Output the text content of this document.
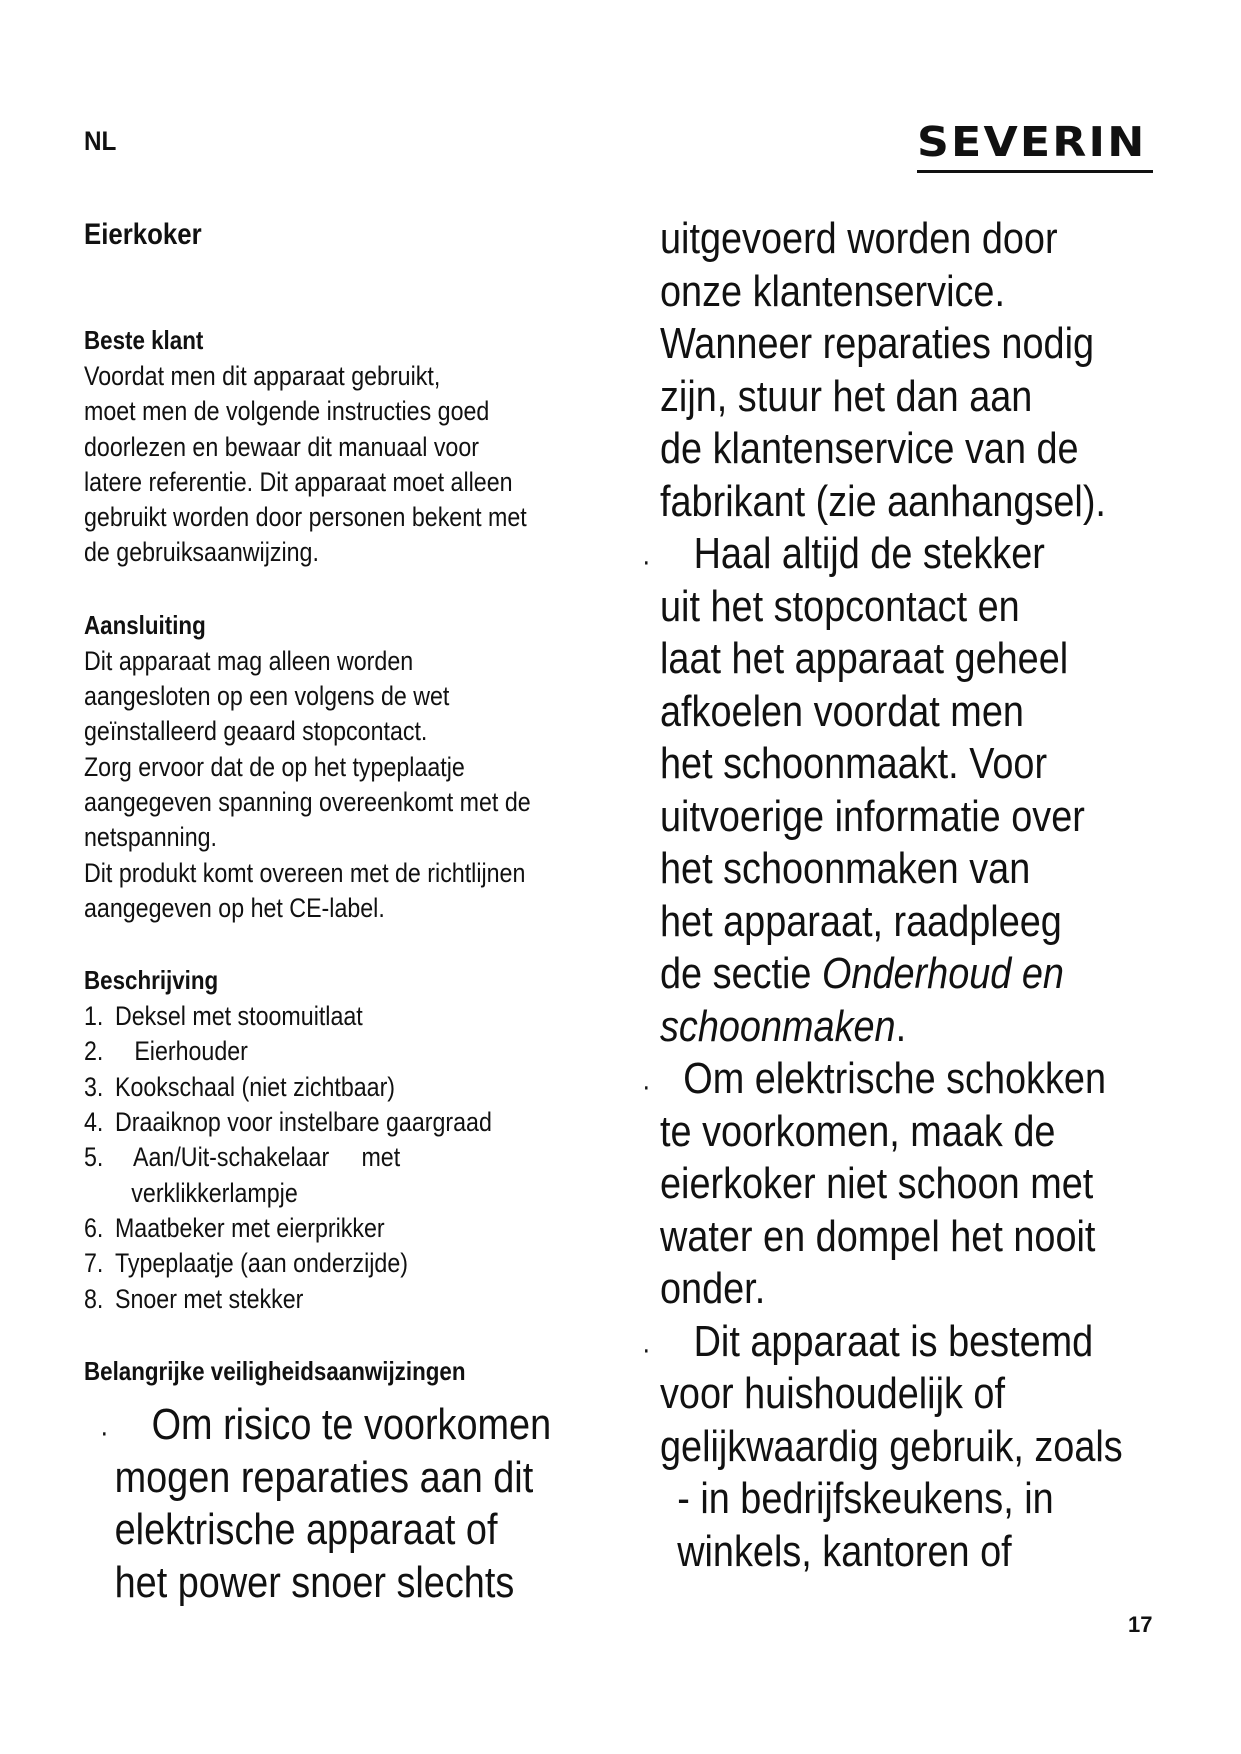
NL	SEVERIN

Eierkoker

Beste klant

Voordat men dit apparaat gebruikt,

moet men de volgende instructies goed

doorlezen en bewaar dit manuaal voor

latere referentie. Dit apparaat moet alleen

gebruikt worden door personen bekent met

de gebruiksaanwijzing.

Aansluiting

Dit apparaat mag alleen worden

aangesloten op een volgens de wet

geïnstalleerd geaard stopcontact.

Zorg ervoor dat de op het typeplaatje

aangegeven spanning overeenkomt met de

netspanning.

Dit produkt komt overeen met de richtlijnen

aangegeven op het CE-label.

Beschrijving

1. Deksel met stoomuitlaat
2.   Eierhouder
3. Kookschaal (niet zichtbaar)
4. Draaiknop voor instelbare gaargraad
5.   Aan/Uit-schakelaar     met
verklikkerlampje
6. Maatbeker met eierprikker
7. Typeplaatje (aan onderzijde)
8. Snoer met stekker

Belangrijke veiligheidsaanwijzingen

· Om risico te voorkomen
mogen reparaties aan dit
elektrische apparaat of
het power snoer slechts
uitgevoerd worden door
onze klantenservice.
Wanneer reparaties nodig
zijn, stuur het dan aan
de klantenservice van de
fabrikant (zie aanhangsel).
· Haal altijd de stekker
uit het stopcontact en
laat het apparaat geheel
afkoelen voordat men
het schoonmaakt. Voor
uitvoerige informatie over
het schoonmaken van
het apparaat, raadpleeg
de sectie Onderhoud en
schoonmaken.
· Om elektrische schokken
te voorkomen, maak de
eierkoker niet schoon met
water en dompel het nooit
onder.
· Dit apparaat is bestemd
voor huishoudelijk of
gelijkwaardig gebruik, zoals
- in bedrijfskeukens, in
winkels, kantoren of
17
